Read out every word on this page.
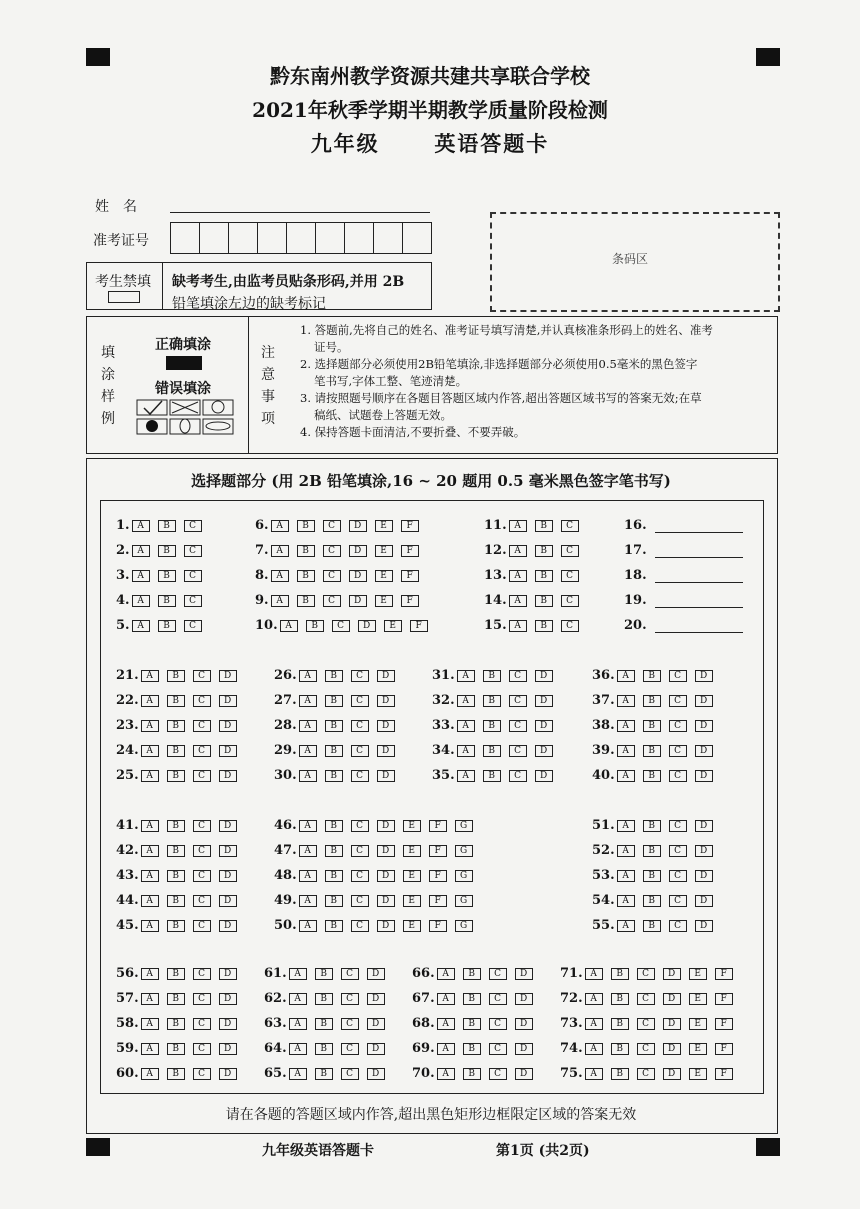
黔东南州教学资源共建共享联合学校
2021年秋季学期半期教学质量阶段检测
九年级	英语答题卡
姓　名
准考证号
考生禁填 缺考考生,由监考员贴条形码,并用 2B
铅笔填涂左边的缺考标记
条码区
填
涂
样
例
正确填涂
错误填涂
注
意
事
项
1. 答题前,先将自己的姓名、准考证号填写清楚,并认真核准条形码上的姓名、准考
证号。
2. 选择题部分必须使用2B铅笔填涂,非选择题部分必须使用0.5毫米的黑色签字
笔书写,字体工整、笔迹清楚。
3. 请按照题号顺序在各题目答题区域内作答,超出答题区域书写的答案无效;在草
稿纸、试题卷上答题无效。
4. 保持答题卡面清洁,不要折叠、不要弄破。
选择题部分 (用 2B 铅笔填涂,16 ~ 20 题用 0.5 毫米黑色签字笔书写)
请在各题的答题区域内作答,超出黑色矩形边框限定区域的答案无效
1. A	B	C
2. A	B	C
3. A	B	C
4. A	B	C
5. A	B	C
6. A	B	C	D	E	F
7. A	B	C	D	E	F
8. A	B	C	D	E	F
9. A	B	C	D	E	F
10. A	B	C	D	E	F
11. A	B	C
12. A	B	C
13. A	B	C
14. A	B	C
15. A	B	C
16.
17.
18.
19.
20.
21. A	B	C	D
22. A	B	C	D
23. A	B	C	D
24. A	B	C	D
25. A	B	C	D
26. A	B	C	D
27. A	B	C	D
28. A	B	C	D
29. A	B	C	D
30. A	B	C	D
31. A	B	C	D
32. A	B	C	D
33. A	B	C	D
34. A	B	C	D
35. A	B	C	D
36. A	B	C	D
37. A	B	C	D
38. A	B	C	D
39. A	B	C	D
40. A	B	C	D
41. A	B	C	D
42. A	B	C	D
43. A	B	C	D
44. A	B	C	D
45. A	B	C	D
46. A	B	C	D	E	F	G
47. A	B	C	D	E	F	G
48. A	B	C	D	E	F	G
49. A	B	C	D	E	F	G
50. A	B	C	D	E	F	G
51. A	B	C	D
52. A	B	C	D
53. A	B	C	D
54. A	B	C	D
55. A	B	C	D
56. A	B	C	D
57. A	B	C	D
58. A	B	C	D
59. A	B	C	D
60. A	B	C	D
61. A	B	C	D
62. A	B	C	D
63. A	B	C	D
64. A	B	C	D
65. A	B	C	D
66. A	B	C	D
67. A	B	C	D
68. A	B	C	D
69. A	B	C	D
70. A	B	C	D
71. A	B	C	D	E	F
72. A	B	C	D	E	F
73. A	B	C	D	E	F
74. A	B	C	D	E	F
75. A	B	C	D	E	F
九年级英语答题卡	第1页 (共2页)
